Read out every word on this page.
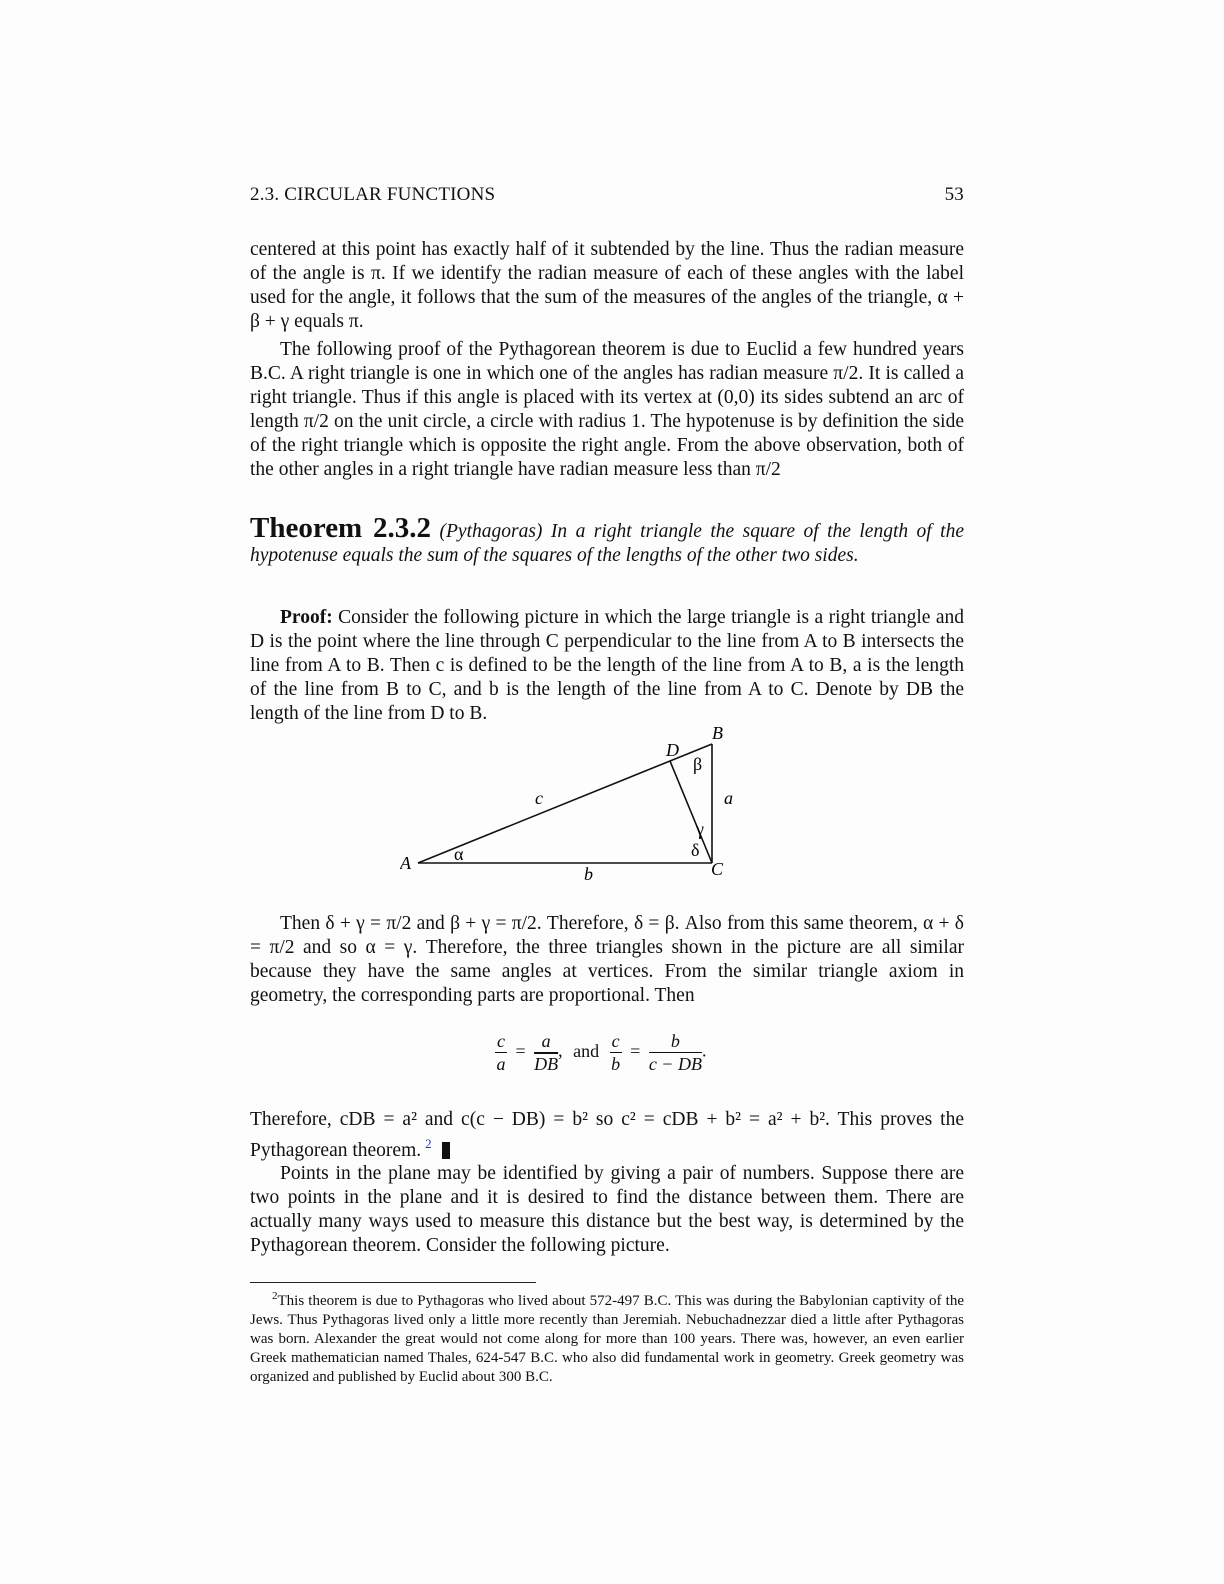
2.3. CIRCULAR FUNCTIONS	53

centered at this point has exactly half of it subtended by the line. Thus the radian measure of the angle is π. If we identify the radian measure of each of these angles with the label used for the angle, it follows that the sum of the measures of the angles of the triangle, α + β + γ equals π.

The following proof of the Pythagorean theorem is due to Euclid a few hundred years B.C. A right triangle is one in which one of the angles has radian measure π/2. It is called a right triangle. Thus if this angle is placed with its vertex at (0,0) its sides subtend an arc of length π/2 on the unit circle, a circle with radius 1. The hypotenuse is by definition the side of the right triangle which is opposite the right angle. From the above observation, both of the other angles in a right triangle have radian measure less than π/2

Theorem 2.3.2 (Pythagoras) In a right triangle the square of the length of the hypotenuse equals the sum of the squares of the lengths of the other two sides.

Proof: Consider the following picture in which the large triangle is a right triangle and D is the point where the line through C perpendicular to the line from A to B intersects the line from A to B. Then c is defined to be the length of the line from A to B, a is the length of the line from B to C, and b is the length of the line from A to C. Denote by DB the length of the line from D to B.

A
B
C
D
a
b
c
α
β
γ
δ

Then δ + γ = π/2 and β + γ = π/2. Therefore, δ = β. Also from this same theorem, α + δ = π/2 and so α = γ. Therefore, the three triangles shown in the picture are all similar because they have the same angles at vertices. From the similar triangle axiom in geometry, the corresponding parts are proportional. Then

$\frac{c}{a} = \frac{a}{DB}$ , and $\frac{c}{b} = \frac{b}{c - DB}$ .

Therefore, cDB = a² and c(c − DB) = b² so c² = cDB + b² = a² + b². This proves the Pythagorean theorem. $^2$

Points in the plane may be identified by giving a pair of numbers. Suppose there are two points in the plane and it is desired to find the distance between them. There are actually many ways used to measure this distance but the best way, is determined by the Pythagorean theorem. Consider the following picture.

$^2$This theorem is due to Pythagoras who lived about 572-497 B.C. This was during the Babylonian captivity of the Jews. Thus Pythagoras lived only a little more recently than Jeremiah. Nebuchadnezzar died a little after Pythagoras was born. Alexander the great would not come along for more than 100 years. There was, however, an even earlier Greek mathematician named Thales, 624-547 B.C. who also did fundamental work in geometry. Greek geometry was organized and published by Euclid about 300 B.C.
